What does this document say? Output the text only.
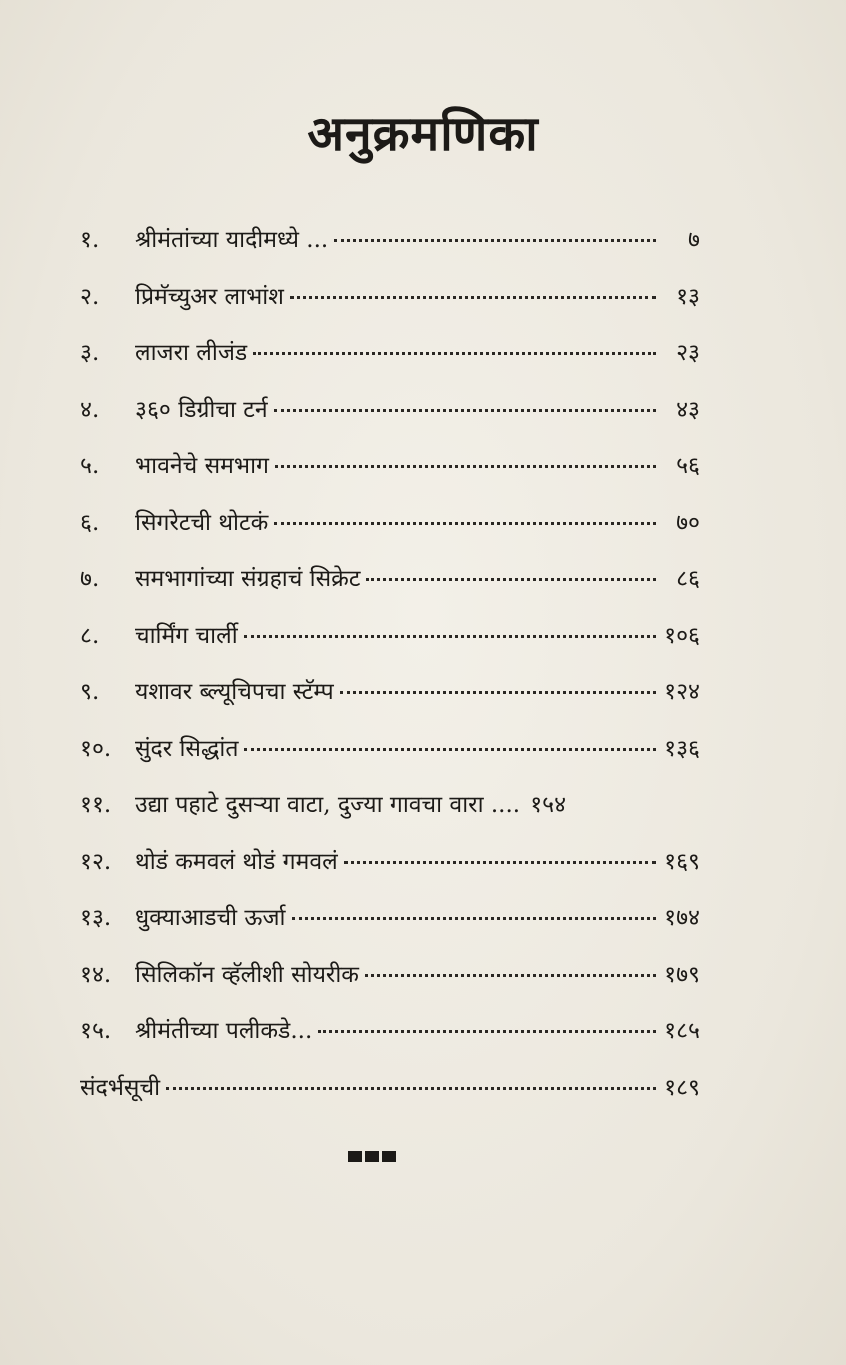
अनुक्रमणिका
१.	श्रीमंतांच्या यादीमध्ये ...	७
२.	प्रिमॅच्युअर लाभांश	१३
३.	लाजरा लीजंड	२३
४.	३६० डिग्रीचा टर्न	४३
५.	भावनेचे समभाग	५६
६.	सिगरेटची थोटकं	७०
७.	समभागांच्या संग्रहाचं सिक्रेट	८६
८.	चार्मिंग चार्ली	१०६
९.	यशावर ब्ल्यूचिपचा स्टॅम्प	१२४
१०.	सुंदर सिद्धांत	१३६
११.	उद्या पहाटे दुसऱ्या वाटा, दुज्या गावचा वारा .... १५४
१२.	थोडं कमवलं थोडं गमवलं	१६९
१३.	धुक्याआडची ऊर्जा	१७४
१४.	सिलिकॉन व्हॅलीशी सोयरीक	१७९
१५.	श्रीमंतीच्या पलीकडे...	१८५
संदर्भसूची	१८९
